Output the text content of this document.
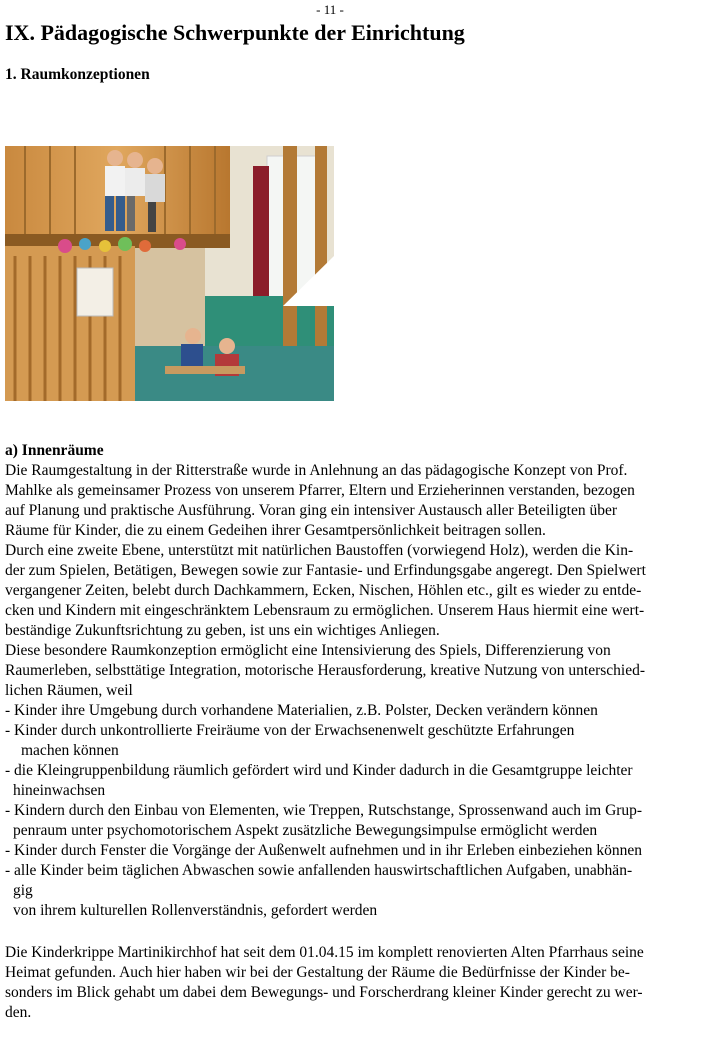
- 11 -
IX. Pädagogische Schwerpunkte der Einrichtung
1. Raumkonzeptionen
a) Innenräume
Die Raumgestaltung in der Ritterstraße wurde in Anlehnung an das pädagogische Konzept von Prof.
Mahlke als gemeinsamer Prozess von unserem Pfarrer, Eltern und Erzieherinnen verstanden, bezogen
auf Planung und praktische Ausführung. Voran ging ein intensiver Austausch aller Beteiligten über
Räume für Kinder, die zu einem Gedeihen ihrer Gesamtpersönlichkeit beitragen sollen.
Durch eine zweite Ebene, unterstützt mit natürlichen Baustoffen (vorwiegend Holz), werden die Kin-
der zum Spielen, Betätigen, Bewegen sowie zur Fantasie- und Erfindungsgabe angeregt. Den Spielwert
vergangener Zeiten, belebt durch Dachkammern, Ecken, Nischen, Höhlen etc., gilt es wieder zu entde-
cken und Kindern mit eingeschränktem Lebensraum zu ermöglichen. Unserem Haus hiermit eine wert-
beständige Zukunftsrichtung zu geben, ist uns ein wichtiges Anliegen.
Diese besondere Raumkonzeption ermöglicht eine Intensivierung des Spiels, Differenzierung von
Raumerleben, selbsttätige Integration, motorische Herausforderung, kreative Nutzung von unterschied-
lichen Räumen, weil
- Kinder ihre Umgebung durch vorhandene Materialien, z.B. Polster, Decken verändern können
- Kinder durch unkontrollierte Freiräume von der Erwachsenenwelt geschützte Erfahrungen
machen können
- die Kleingruppenbildung räumlich gefördert wird und Kinder dadurch in die Gesamtgruppe leichter
hineinwachsen
- Kindern durch den Einbau von Elementen, wie Treppen, Rutschstange, Sprossenwand auch im Grup-
penraum unter psychomotorischem Aspekt zusätzliche Bewegungsimpulse ermöglicht werden
- Kinder durch Fenster die Vorgänge der Außenwelt aufnehmen und in ihr Erleben einbeziehen können
- alle Kinder beim täglichen Abwaschen sowie anfallenden hauswirtschaftlichen Aufgaben, unabhän-
gig
von ihrem kulturellen Rollenverständnis, gefordert werden
Die Kinderkrippe Martinikirchhof hat seit dem 01.04.15 im komplett renovierten Alten Pfarrhaus seine
Heimat gefunden. Auch hier haben wir bei der Gestaltung der Räume die Bedürfnisse der Kinder be-
sonders im Blick gehabt um dabei dem Bewegungs- und Forscherdrang kleiner Kinder gerecht zu wer-
den.
